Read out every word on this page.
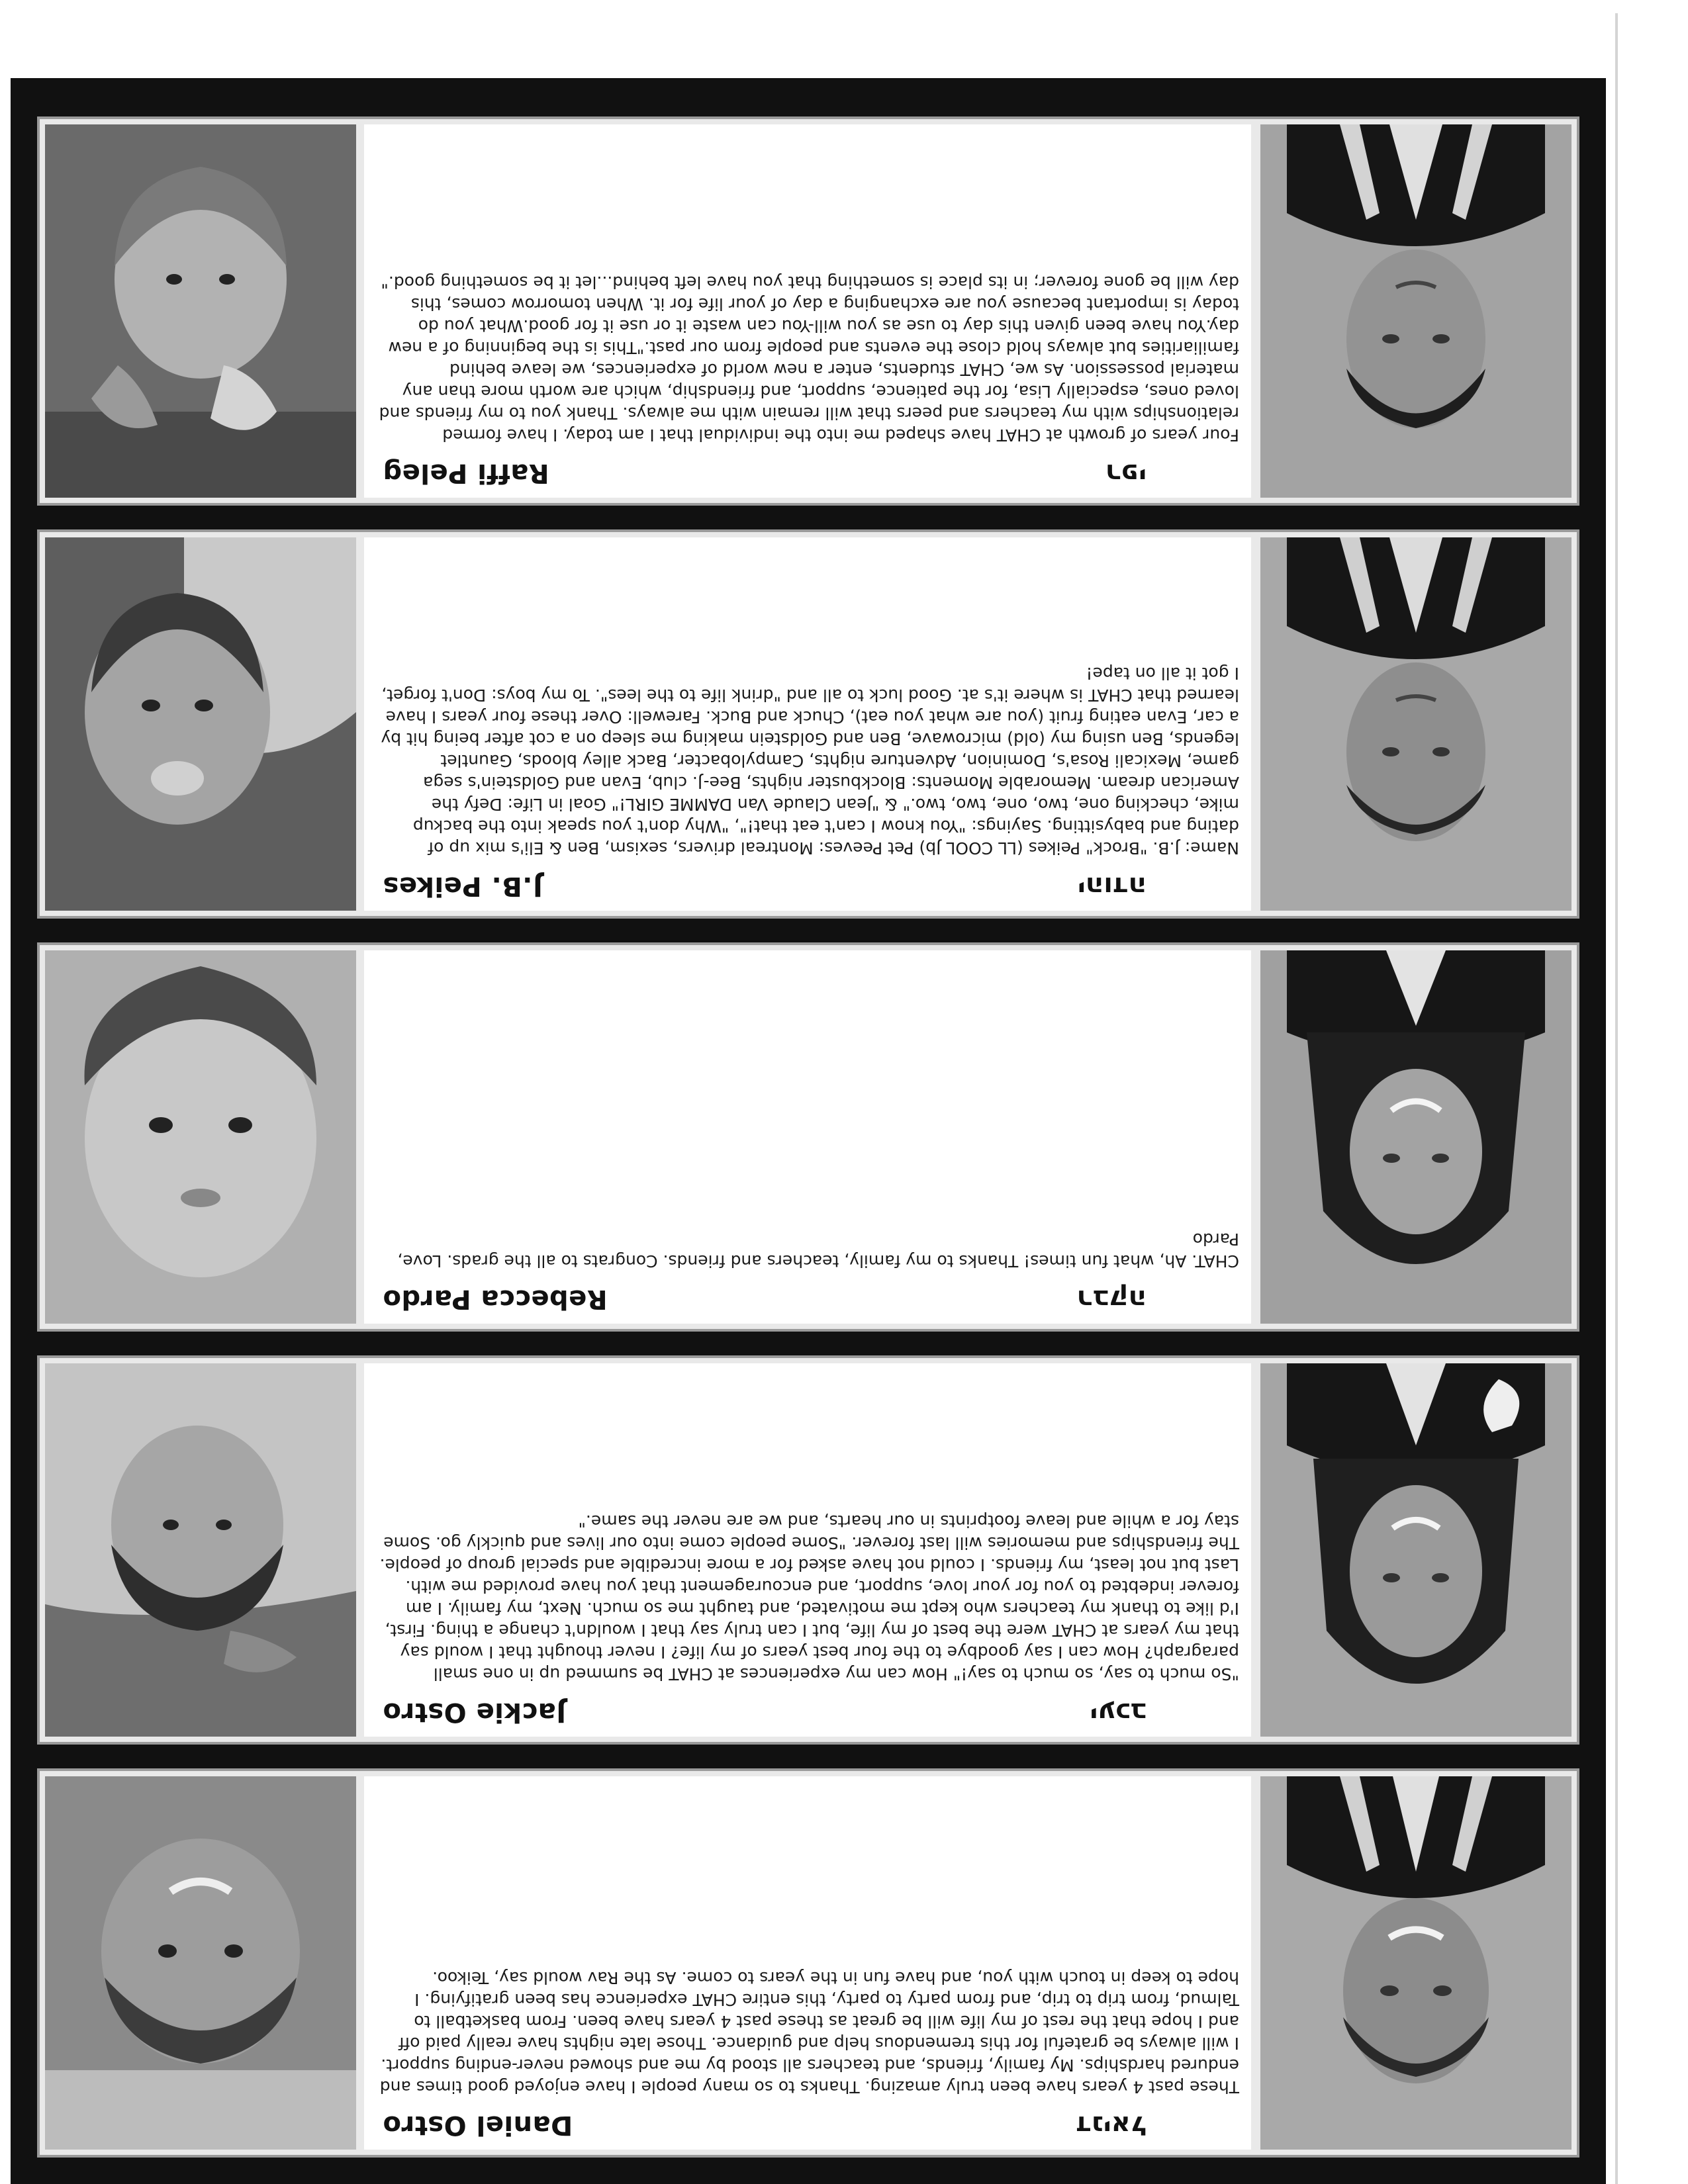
דניאל
Daniel Ostro
These past 4 years have been truly amazing. Thanks to so many people I have enjoyed good times and endured hardships. My family, friends, and teachers all stood by me and showed never-ending support. I will always be grateful for this tremendous help and guidance. Those late nights have really paid off and I hope that the rest of my life will be great as these past 4 years have been. From basketball to Talmud, from trip to trip, and from party to party, this entire CHAT experience has been gratifying. I hope to keep in touch with you, and have fun in the years to come. As the Rav would say, Teikoo.
יעכב
Jackie Ostro
"So much to say, so much to say!" How can my experiences at CHAT be summed up in one small paragraph? How can I say goodbye to the four best years of my life? I never thought that I would say that my years at CHAT were the best of my life, but I can truly say that I wouldn't change a thing. First, I'd like to thank my teachers who kept me motivated, and taught me so much. Next, my family. I am forever indebted to you for your love, support, and encouragement that you have provided me with. Last but not least, my friends. I could not have asked for a more incredible and special group of people. The friendships and memories will last forever. "Some people come into our lives and quickly go. Some stay for a while and leave footprints in our hearts, and we are never the same."
רבקה
Rebecca Pardo
CHAT. Ah, what fun times! Thanks to my family, teachers and friends. Congrats to all the grads. Love, Pardo
יהודה
J.B. Peikes
Name: J.B. "Brock" Peikes (LL COOL Jb) Pet Peeves: Montreal drivers, sexism, Ben & Eli's mix up of dating and babysitting. Sayings: "You know I can't eat that!", "Why don't you speak into the backup mike, checking one, two, one, two, two." & "Jean Claude Van DAMME GIRL!" Goal in Life: Defy the American dream. Memorable Moments: Blockbuster nights, Bee-J. club, Evan and Goldstein's sega game, Mexicali Rosa's, Dominion, Adventure nights, Campylobacter, Back alley bloods, Gauntlet legends, Ben using my (old) microwave, Ben and Goldstein making me sleep on a cot after being hit by a car, Evan eating fruit (you are what you eat), Chuck and Buck. Farewell: Over these four years I have learned that CHAT is where it's at. Good luck to all and "drink life to the lees". To my boys: Don't forget, I got it all on tape!
רפי
Raffi Peleg
Four years of growth at CHAT have shaped me into the individual that I am today. I have formed relationships with my teachers and peers that will remain with me always. Thank you to my friends and loved ones, especially Lisa, for the patience, support, and friendship, which are worth more than any material possession. As we, CHAT students, enter a new world of experiences, we leave behind familiarities but always hold close the events and people from our past."This is the beginning of a new day.You have been given this day to use as you will-You can waste it or use it for good.What you do today is important because you are exchanging a day of your life for it. When tomorrow comes, this day will be gone forever; in its place is something that you have left behind...let it be something good."
